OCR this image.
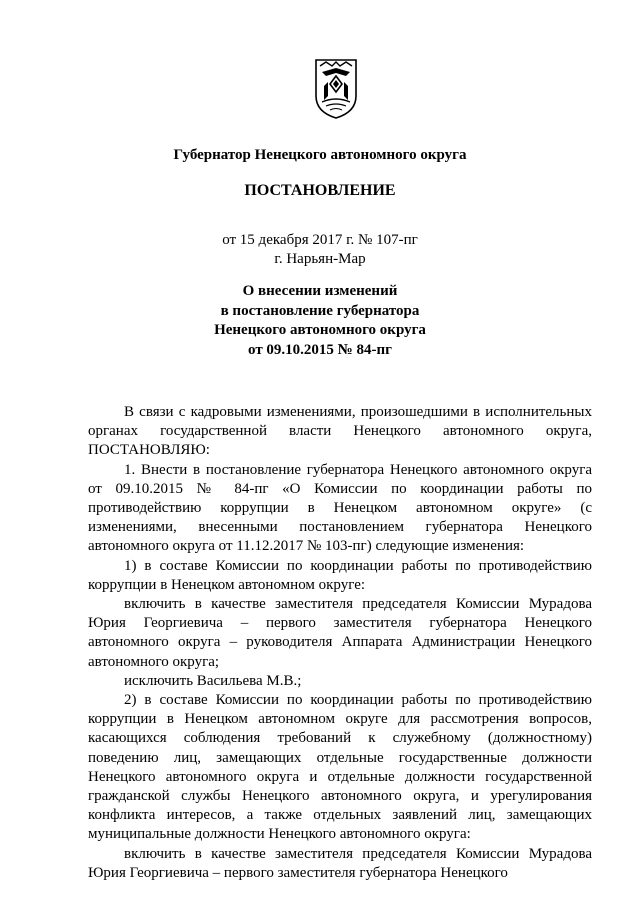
Губернатор Ненецкого автономного округа
ПОСТАНОВЛЕНИЕ
от 15 декабря 2017 г. № 107-пг
г. Нарьян-Мар
О внесении изменений
в постановление губернатора
Ненецкого автономного округа
от 09.10.2015 № 84-пг

В связи с кадровыми изменениями, произошедшими в исполнительных органах государственной власти Ненецкого автономного округа, ПОСТАНОВЛЯЮ:

1. Внести в постановление губернатора Ненецкого автономного округа от 09.10.2015 № 84-пг «О Комиссии по координации работы по противодействию коррупции в Ненецком автономном округе» (с изменениями, внесенными постановлением губернатора Ненецкого автономного округа от 11.12.2017 № 103-пг) следующие изменения:

1) в составе Комиссии по координации работы по противодействию коррупции в Ненецком автономном округе:

включить в качестве заместителя председателя Комиссии Мурадова Юрия Георгиевича – первого заместителя губернатора Ненецкого автономного округа – руководителя Аппарата Администрации Ненецкого автономного округа;

исключить Васильева М.В.;

2) в составе Комиссии по координации работы по противодействию коррупции в Ненецком автономном округе для рассмотрения вопросов, касающихся соблюдения требований к служебному (должностному) поведению лиц, замещающих отдельные государственные должности Ненецкого автономного округа и отдельные должности государственной гражданской службы Ненецкого автономного округа, и урегулирования конфликта интересов, а также отдельных заявлений лиц, замещающих муниципальные должности Ненецкого автономного округа:

включить в качестве заместителя председателя Комиссии Мурадова Юрия Георгиевича – первого заместителя губернатора Ненецкого
